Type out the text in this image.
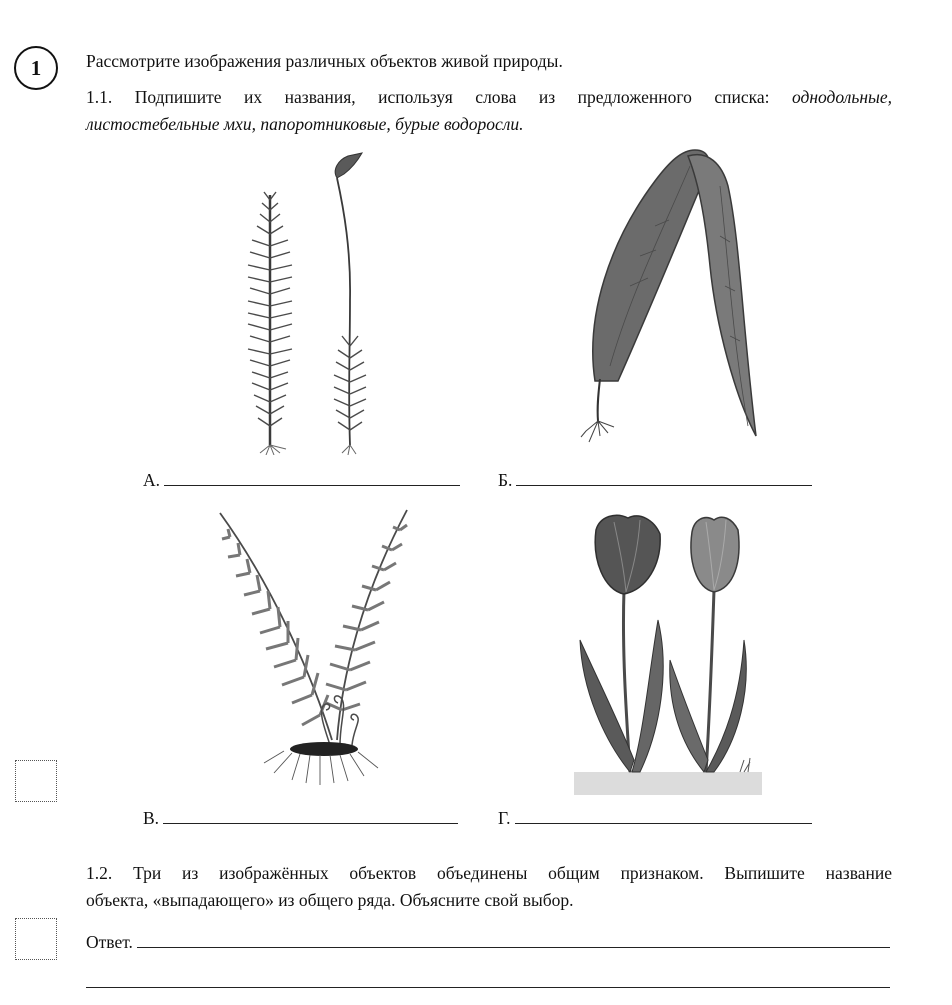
1	Рассмотрите изображения различных объектов живой природы.
1.1. Подпишите их названия, используя слова из предложенного списка: однодольные,
листостебельные мхи, папоротниковые, бурые водоросли.
А.	Б.
В.	Г.
1.2. Три из изображённых объектов объединены общим признаком. Выпишите название
объекта, «выпадающего» из общего ряда. Объясните свой выбор.
Ответ.
